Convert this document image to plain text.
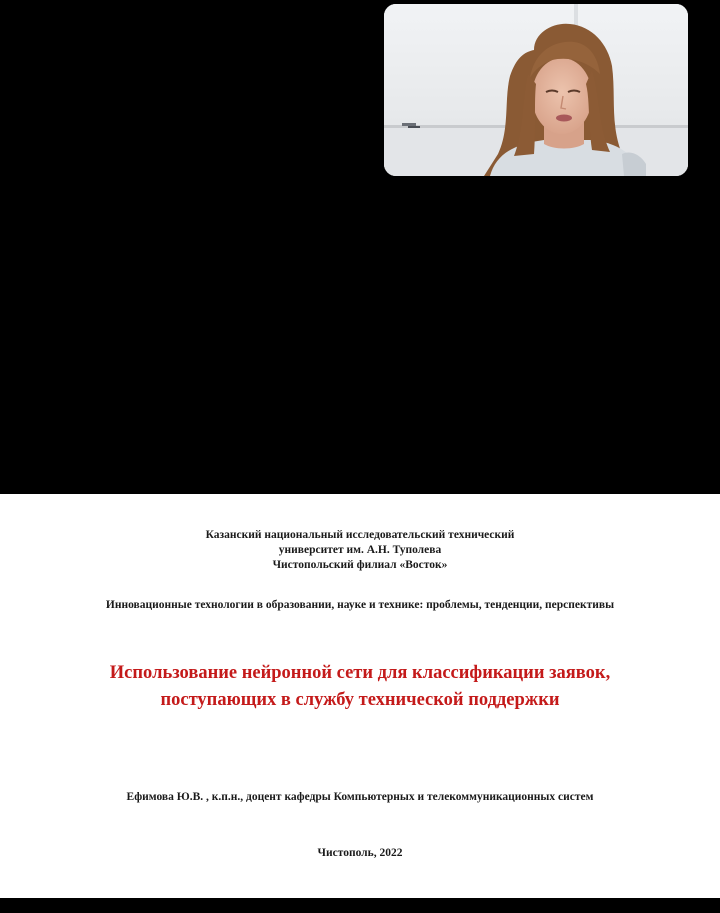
Казанский национальный исследовательский технический
университет им. А.Н. Туполева
Чистопольский филиал «Восток»
Инновационные технологии в образовании, науке и технике: проблемы, тенденции, перспективы
Использование нейронной сети для классификации заявок,
поступающих в службу технической поддержки
Ефимова Ю.В. , к.п.н., доцент кафедры Компьютерных и телекоммуникационных систем
Чистополь, 2022
